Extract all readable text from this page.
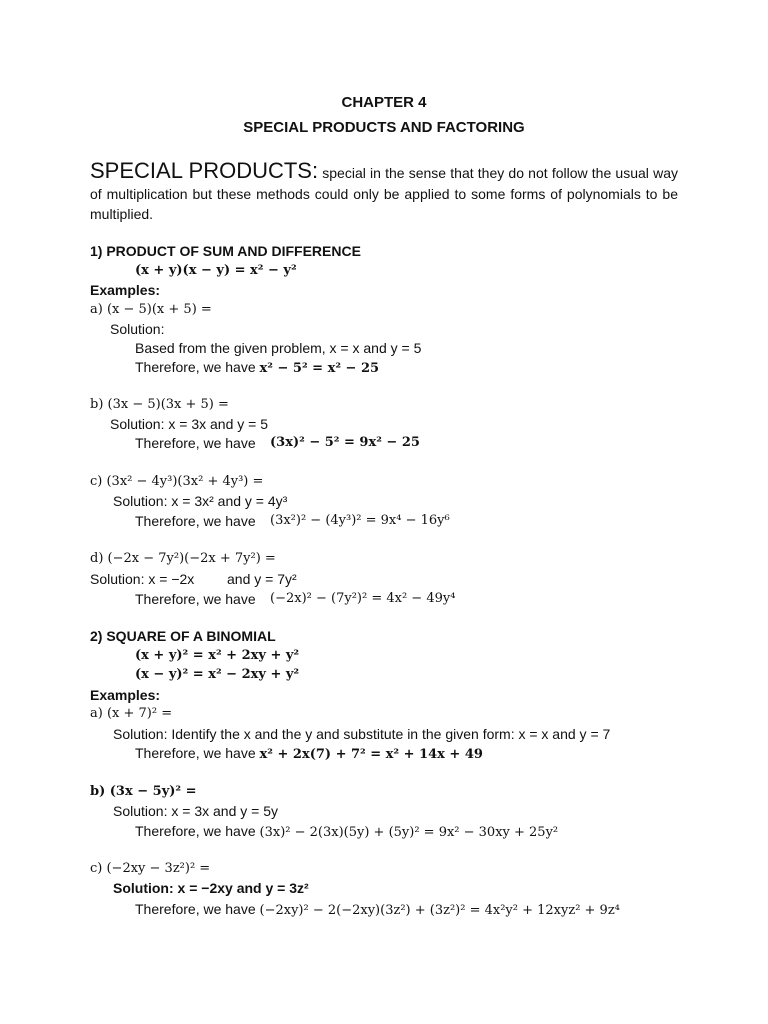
CHAPTER 4
SPECIAL PRODUCTS AND FACTORING
SPECIAL PRODUCTS: special in the sense that they do not follow the usual way of multiplication but these methods could only be applied to some forms of polynomials to be multiplied.
1) PRODUCT OF SUM AND DIFFERENCE
(x + y)(x − y) = x² − y²
Examples:
a) (x − 5)(x + 5) =
Solution:
Based from the given problem, x = x and y = 5
Therefore, we have x² − 5² = x² − 25
b) (3x − 5)(3x + 5) =
Solution: x = 3x and y = 5
Therefore, we have (3x)² − 5² = 9x² − 25
c) (3x² − 4y³)(3x² + 4y³) =
Solution: x = 3x² and y = 4y³
Therefore, we have (3x²)² − (4y³)² = 9x⁴ − 16y⁶
d) (−2x − 7y²)(−2x + 7y²) =
Solution: x = −2x and y = 7y²
Therefore, we have (−2x)² − (7y²)² = 4x² − 49y⁴
2) SQUARE OF A BINOMIAL
(x + y)² = x² + 2xy + y²
(x − y)² = x² − 2xy + y²
Examples:
a) (x + 7)² =
Solution: Identify the x and the y and substitute in the given form: x = x and y = 7
Therefore, we have x² + 2x(7) + 7² = x² + 14x + 49
b) (3x − 5y)² =
Solution: x = 3x and y = 5y
Therefore, we have (3x)² − 2(3x)(5y) + (5y)² = 9x² − 30xy + 25y²
c) (−2xy − 3z²)² =
Solution: x = −2xy and y = 3z²
Therefore, we have (−2xy)² − 2(−2xy)(3z²) + (3z²)² = 4x²y² + 12xyz² + 9z⁴
